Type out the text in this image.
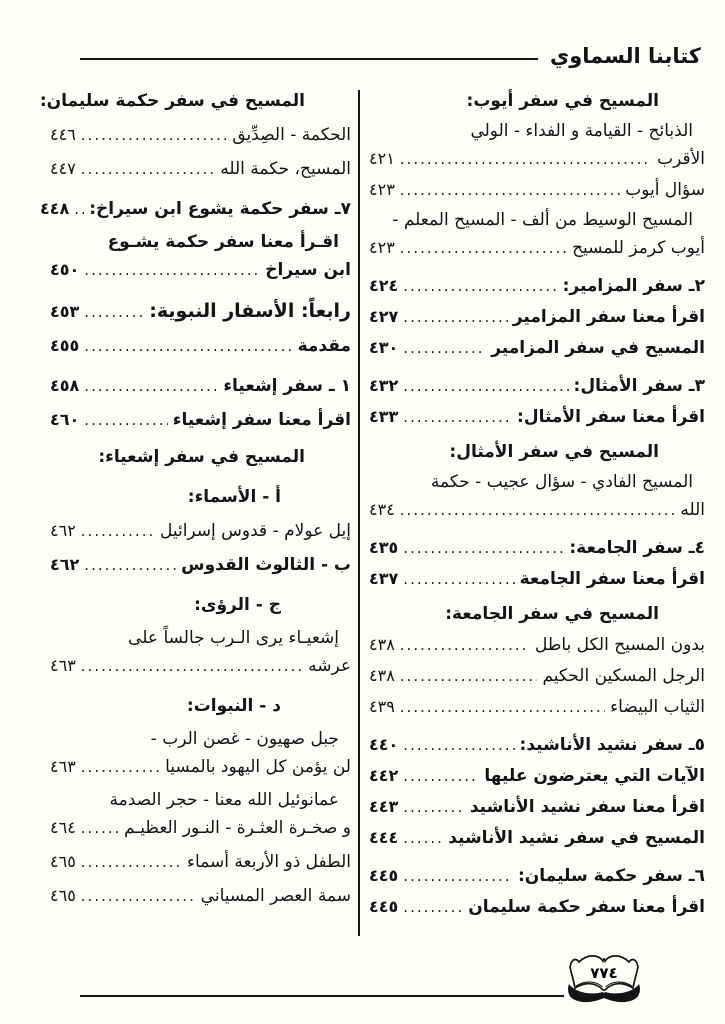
كتابنا السماوي
المسيح في سفر أيوب:
الذبائح - القيامة و الفداء - الولي
الأقرب
.....
٤٢١
سؤال أيوب
.....
٤٢٣
المسيح الوسيط من ألف - المسيح المعلم -
أيوب كرمز للمسيح
.....
٤٢٣
٢ـ سفر المزامير:
.....
٤٢٤
اقرأ معنا سفر المزامير
.....
٤٢٧
المسيح في سفر المزامير
.....
٤٣٠
٣ـ سفر الأمثال:
.....
٤٣٢
اقرأ معنا سفر الأمثال:
.....
٤٣٣
المسيح في سفر الأمثال:
المسيح الفادي - سؤال عجيب - حكمة
الله
.....
٤٣٤
٤ـ سفر الجامعة:
.....
٤٣٥
اقرأ معنا سفر الجامعة
.....
٤٣٧
المسيح في سفر الجامعة:
بدون المسيح الكل باطل
.....
٤٣٨
الرجل المسكين الحكيم
.....
٤٣٨
الثياب البيضاء
.....
٤٣٩
٥ـ سفر نشيد الأناشيد:
.....
٤٤٠
الآيات التي يعترضون عليها
.....
٤٤٢
اقرأ معنا سفر نشيد الأناشيد
.....
٤٤٣
المسيح في سفر نشيد الأناشيد
.....
٤٤٤
٦ـ سفر حكمة سليمان:
.....
٤٤٥
اقرأ معنا سفر حكمة سليمان
.....
٤٤٥
المسيح في سفر حكمة سليمان:
الحكمة - الصِدِّيق
.....
٤٤٦
المسيح، حكمة الله
.....
٤٤٧
٧ـ سفر حكمة يشوع ابن سيراخ:
.....
٤٤٨
اقـرأ معنا سفر حكمة يشـوع
ابن سيراخ
.....
٤٥٠
رابعاً: الأسفار النبوية:
.....
٤٥٣
مقدمة
.....
٤٥٥
١ ـ سفر إشعياء
.....
٤٥٨
اقرأ معنا سفر إشعياء
.....
٤٦٠
المسيح في سفر إشعياء:
أ - الأسماء:
إيل عولام - قدوس إسرائيل
.....
٤٦٢
ب - الثالوث القدوس
.....
٤٦٢
ج - الرؤى:
إشعيـاء يرى الـرب جالساً على
عرشه
.....
٤٦٣
د - النبوات:
جبل صهيون - غصن الرب -
لن يؤمن كل اليهود بالمسيا
.....
٤٦٣
عمانوئيل الله معنا - حجر الصدمة
و صخـرة العثـرة - النـور العظيـم
.....
٤٦٤
الطفل ذو الأربعة أسماء
.....
٤٦٥
سمة العصر المسياني
.....
٤٦٥
٧٧٤
